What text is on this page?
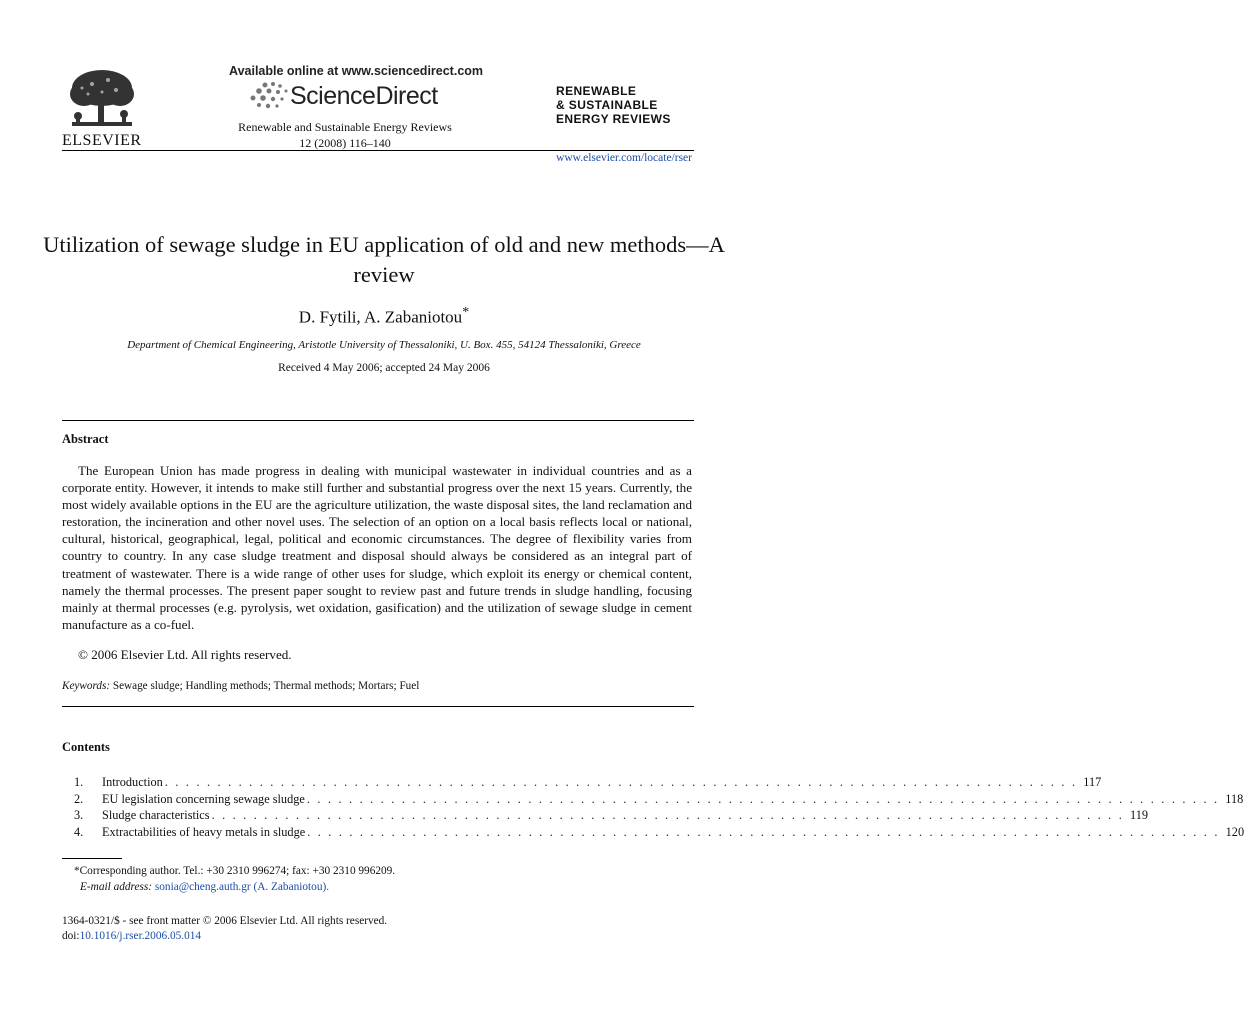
ELSEVIER
Available online at www.sciencedirect.com
ScienceDirect
Renewable and Sustainable Energy Reviews
12 (2008) 116–140
RENEWABLE
& SUSTAINABLE
ENERGY REVIEWS
www.elsevier.com/locate/rser
Utilization of sewage sludge in EU application of old and new methods—A review
D. Fytili, A. Zabaniotou*
Department of Chemical Engineering, Aristotle University of Thessaloniki, U. Box. 455, 54124 Thessaloniki, Greece
Received 4 May 2006; accepted 24 May 2006
Abstract
The European Union has made progress in dealing with municipal wastewater in individual countries and as a corporate entity. However, it intends to make still further and substantial progress over the next 15 years. Currently, the most widely available options in the EU are the agriculture utilization, the waste disposal sites, the land reclamation and restoration, the incineration and other novel uses. The selection of an option on a local basis reflects local or national, cultural, historical, geographical, legal, political and economic circumstances. The degree of flexibility varies from country to country. In any case sludge treatment and disposal should always be considered as an integral part of treatment of wastewater. There is a wide range of other uses for sludge, which exploit its energy or chemical content, namely the thermal processes. The present paper sought to review past and future trends in sludge handling, focusing mainly at thermal processes (e.g. pyrolysis, wet oxidation, gasification) and the utilization of sewage sludge in cement manufacture as a co-fuel.
© 2006 Elsevier Ltd. All rights reserved.
Keywords: Sewage sludge; Handling methods; Thermal methods; Mortars; Fuel
Contents
1.	Introduction . . . . . . . . . . . . . . . . . . . . . . . . . . . . . . . . . . . . . . . . . . . . . . . . . . . . . . . . . . . . . . . . . . . . . . . . . . . . . . . . . . . . . . . 117
2.	EU legislation concerning sewage sludge . . . . . . . . . . . . . . . . . . . . . . . . . . . . . . . . . . . . . . . . . . . . . . . . . . . . . . . . . . . . . . . . . . . . . . . . . . . . . . . . . . . . . . . 118
3.	Sludge characteristics . . . . . . . . . . . . . . . . . . . . . . . . . . . . . . . . . . . . . . . . . . . . . . . . . . . . . . . . . . . . . . . . . . . . . . . . . . . . . . . . . . . . . . . 119
4.	Extractabilities of heavy metals in sludge . . . . . . . . . . . . . . . . . . . . . . . . . . . . . . . . . . . . . . . . . . . . . . . . . . . . . . . . . . . . . . . . . . . . . . . . . . . . . . . . . . . . . . . 120
*Corresponding author. Tel.: +30 2310 996274; fax: +30 2310 996209.
E-mail address: sonia@cheng.auth.gr (A. Zabaniotou).
1364-0321/$ - see front matter © 2006 Elsevier Ltd. All rights reserved.
doi:10.1016/j.rser.2006.05.014
